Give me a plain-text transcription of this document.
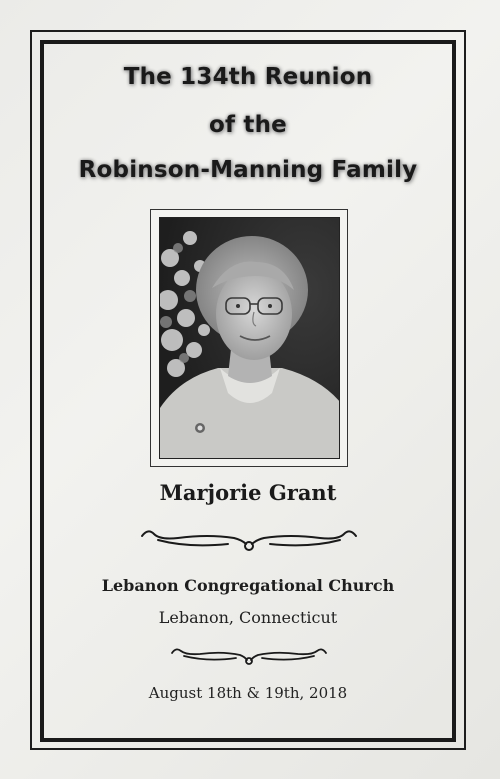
The 134th Reunion
of the
Robinson-Manning Family
Marjorie Grant
Lebanon Congregational Church
Lebanon, Connecticut
August 18th & 19th, 2018
